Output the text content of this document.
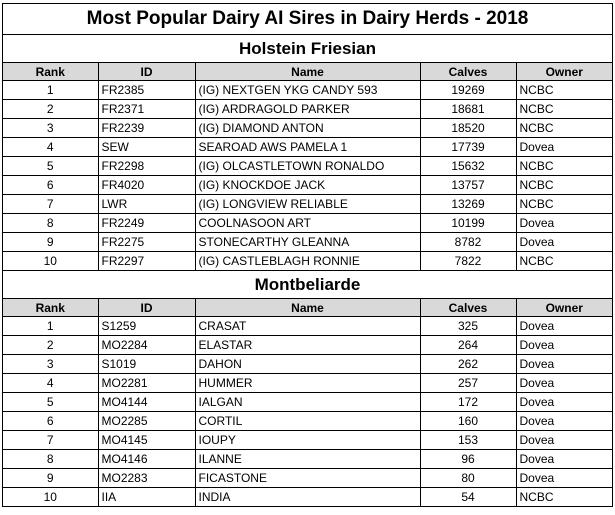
Most Popular Dairy AI Sires in Dairy Herds - 2018
Holstein Friesian
Rank	ID	Name	Calves	Owner
1	FR2385	(IG) NEXTGEN YKG CANDY 593	19269	NCBC
2	FR2371	(IG) ARDRAGOLD PARKER	18681	NCBC
3	FR2239	(IG) DIAMOND ANTON	18520	NCBC
4	SEW	SEAROAD AWS PAMELA 1	17739	Dovea
5	FR2298	(IG) OLCASTLETOWN RONALDO	15632	NCBC
6	FR4020	(IG) KNOCKDOE JACK	13757	NCBC
7	LWR	(IG) LONGVIEW RELIABLE	13269	NCBC
8	FR2249	COOLNASOON ART	10199	Dovea
9	FR2275	STONECARTHY GLEANNA	8782	Dovea
10	FR2297	(IG) CASTLEBLAGH RONNIE	7822	NCBC
Montbeliarde
Rank	ID	Name	Calves	Owner
1	S1259	CRASAT	325	Dovea
2	MO2284	ELASTAR	264	Dovea
3	S1019	DAHON	262	Dovea
4	MO2281	HUMMER	257	Dovea
5	MO4144	IALGAN	172	Dovea
6	MO2285	CORTIL	160	Dovea
7	MO4145	IOUPY	153	Dovea
8	MO4146	ILANNE	96	Dovea
9	MO2283	FICASTONE	80	Dovea
10	IIA	INDIA	54	NCBC
